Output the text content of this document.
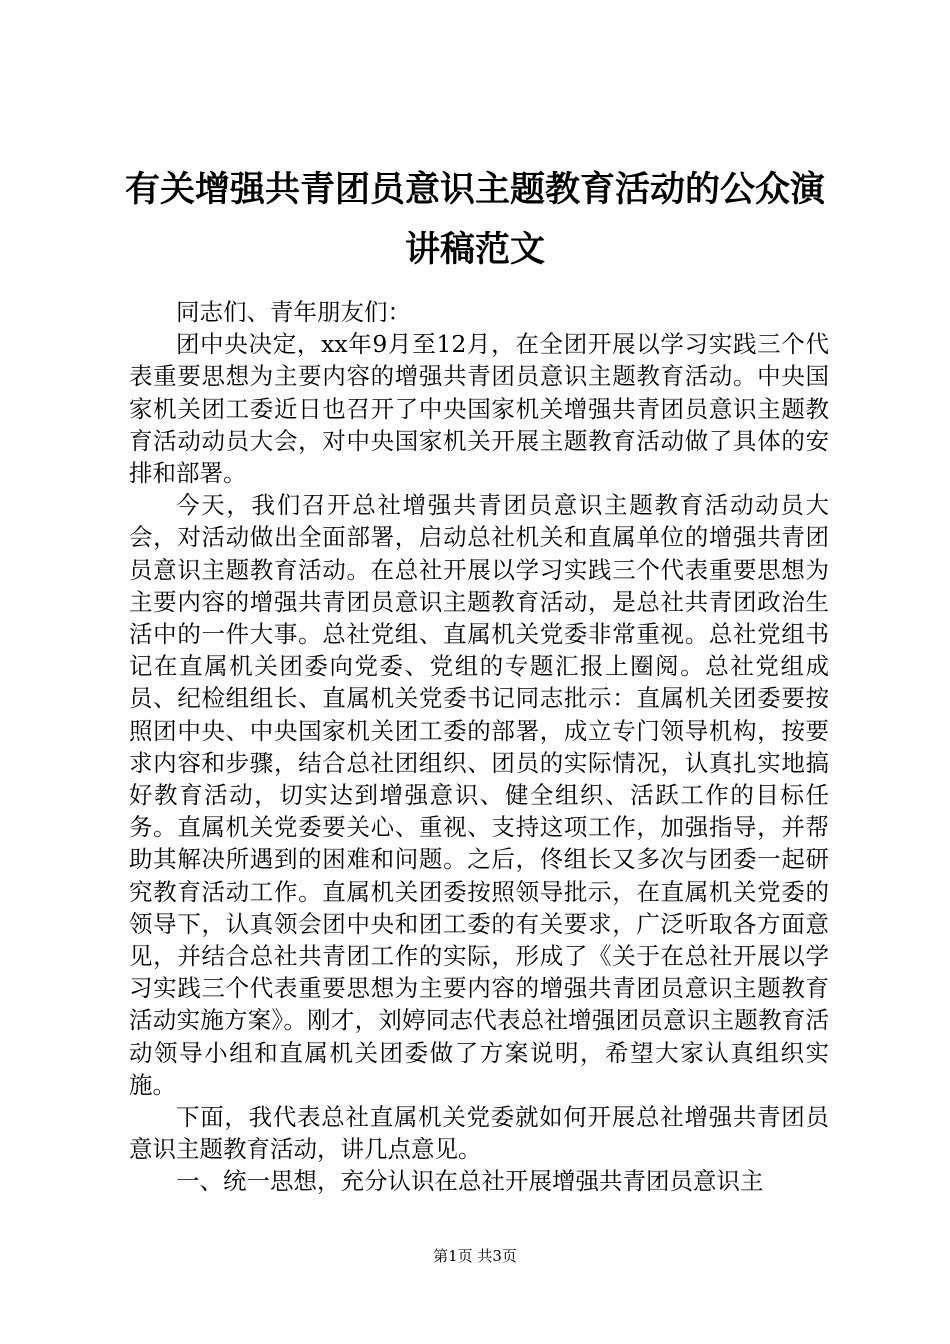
有关增强共青团员意识主题教育活动的公众演讲稿范文

同志们、青年朋友们：

团中央决定，xx年9月至12月，在全团开展以学习实践三个代表重要思想为主要内容的增强共青团员意识主题教育活动。中央国家机关团工委近日也召开了中央国家机关增强共青团员意识主题教育活动动员大会，对中央国家机关开展主题教育活动做了具体的安排和部署。

今天，我们召开总社增强共青团员意识主题教育活动动员大会，对活动做出全面部署，启动总社机关和直属单位的增强共青团员意识主题教育活动。在总社开展以学习实践三个代表重要思想为主要内容的增强共青团员意识主题教育活动，是总社共青团政治生活中的一件大事。总社党组、直属机关党委非常重视。总社党组书记在直属机关团委向党委、党组的专题汇报上圈阅。总社党组成员、纪检组组长、直属机关党委书记同志批示：直属机关团委要按照团中央、中央国家机关团工委的部署，成立专门领导机构，按要求内容和步骤，结合总社团组织、团员的实际情况，认真扎实地搞好教育活动，切实达到增强意识、健全组织、活跃工作的目标任务。直属机关党委要关心、重视、支持这项工作，加强指导，并帮助其解决所遇到的困难和问题。之后，佟组长又多次与团委一起研究教育活动工作。直属机关团委按照领导批示，在直属机关党委的领导下，认真领会团中央和团工委的有关要求，广泛听取各方面意见，并结合总社共青团工作的实际，形成了《关于在总社开展以学习实践三个代表重要思想为主要内容的增强共青团员意识主题教育活动实施方案》。刚才，刘婷同志代表总社增强团员意识主题教育活动领导小组和直属机关团委做了方案说明，希望大家认真组织实施。

下面，我代表总社直属机关党委就如何开展总社增强共青团员意识主题教育活动，讲几点意见。

一、统一思想，充分认识在总社开展增强共青团员意识主

第1页 共3页
